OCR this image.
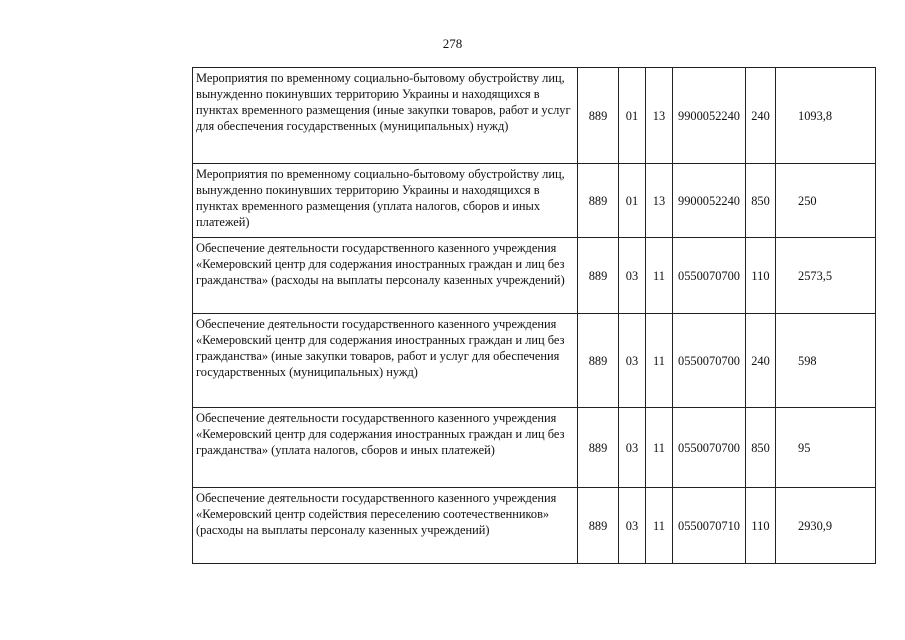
278
Мероприятия по временному социально-бытовому обустройству лиц, вынужденно покинувших территорию Украины и находящихся в пунктах временного размещения (иные закупки товаров, работ и услуг для обеспечения государственных (муниципальных) нужд)	889	01	13	9900052240	240	1093,8
Мероприятия по временному социально-бытовому обустройству лиц, вынужденно покинувших территорию Украины и находящихся в пунктах временного размещения (уплата налогов, сборов и иных платежей)	889	01	13	9900052240	850	250
Обеспечение деятельности государственного казенного учреждения «Кемеровский центр для содержания иностранных граждан и лиц без гражданства» (расходы на выплаты персоналу казенных учреждений)	889	03	11	0550070700	110	2573,5
Обеспечение деятельности государственного казенного учреждения «Кемеровский центр для содержания иностранных граждан и лиц без гражданства» (иные закупки товаров, работ и услуг для обеспечения государственных (муниципальных) нужд)	889	03	11	0550070700	240	598
Обеспечение деятельности государственного казенного учреждения «Кемеровский центр для содержания иностранных граждан и лиц без гражданства» (уплата налогов, сборов и иных платежей)	889	03	11	0550070700	850	95
Обеспечение деятельности государственного казенного учреждения «Кемеровский центр содействия переселению соотечественников» (расходы на выплаты персоналу казенных учреждений)	889	03	11	0550070710	110	2930,9
